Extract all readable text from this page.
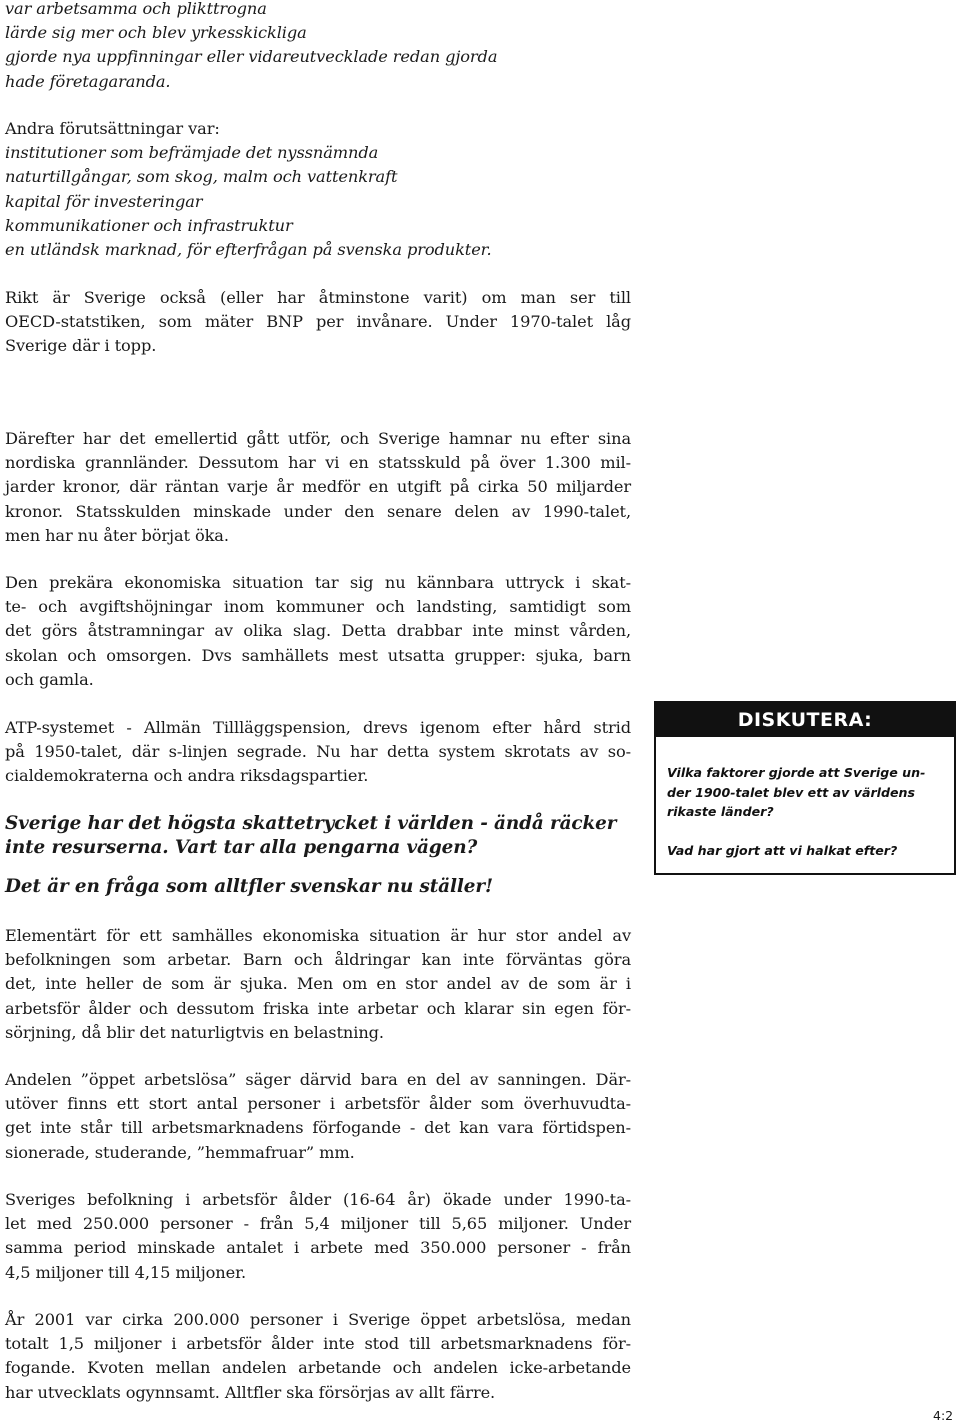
var arbetsamma och plikttrogna
lärde sig mer och blev yrkesskickliga
gjorde nya uppfinningar eller vidareutvecklade redan gjorda
hade företagaranda.

Andra förutsättningar var:
institutioner som befrämjade det nyssnämnda
naturtillgångar, som skog, malm och vattenkraft
kapital för investeringar
kommunikationer och infrastruktur
en utländsk marknad, för efterfrågan på svenska produkter.

Rikt är Sverige också (eller har åtminstone varit) om man ser till
OECD-statstiken, som mäter BNP per invånare. Under 1970-talet låg
Sverige där i topp.

Därefter har det emellertid gått utför, och Sverige hamnar nu efter sina
nordiska grannländer. Dessutom har vi en statsskuld på över 1.300 mil-
jarder kronor, där räntan varje år medför en utgift på cirka 50 miljarder
kronor. Statsskulden minskade under den senare delen av 1990-talet,
men har nu åter börjat öka.

Den prekära ekonomiska situation tar sig nu kännbara uttryck i skat-
te- och avgiftshöjningar inom kommuner och landsting, samtidigt som
det görs åtstramningar av olika slag. Detta drabbar inte minst vården,
skolan och omsorgen. Dvs samhällets mest utsatta grupper: sjuka, barn
och gamla.

ATP-systemet - Allmän Tillläggspension, drevs igenom efter hård strid
på 1950-talet, där s-linjen segrade. Nu har detta system skrotats av so-
cialdemokraterna och andra riksdagspartier.

Sverige har det högsta skattetrycket i världen - ändå räcker
inte resurserna. Vart tar alla pengarna vägen?

Det är en fråga som alltfler svenskar nu ställer!

Elementärt för ett samhälles ekonomiska situation är hur stor andel av
befolkningen som arbetar. Barn och åldringar kan inte förväntas göra
det, inte heller de som är sjuka. Men om en stor andel av de som är i
arbetsför ålder och dessutom friska inte arbetar och klarar sin egen för-
sörjning, då blir det naturligtvis en belastning.

Andelen ”öppet arbetslösa” säger därvid bara en del av sanningen. Där-
utöver finns ett stort antal personer i arbetsför ålder som överhuvudta-
get inte står till arbetsmarknadens förfogande - det kan vara förtidspen-
sionerade, studerande, ”hemmafruar” mm.

Sveriges befolkning i arbetsför ålder (16-64 år) ökade under 1990-ta-
let med 250.000 personer - från 5,4 miljoner till 5,65 miljoner. Under
samma period minskade antalet i arbete med 350.000 personer - från
4,5 miljoner till 4,15 miljoner.

År 2001 var cirka 200.000 personer i Sverige öppet arbetslösa, medan
totalt 1,5 miljoner i arbetsför ålder inte stod till arbetsmarknadens för-
fogande. Kvoten mellan andelen arbetande och andelen icke-arbetande
har utvecklats ogynnsamt. Alltfler ska försörjas av allt färre.

DISKUTERA:

Vilka faktorer gjorde att Sverige un-
der 1900-talet blev ett av världens
rikaste länder?

Vad har gjort att vi halkat efter?

4:2
